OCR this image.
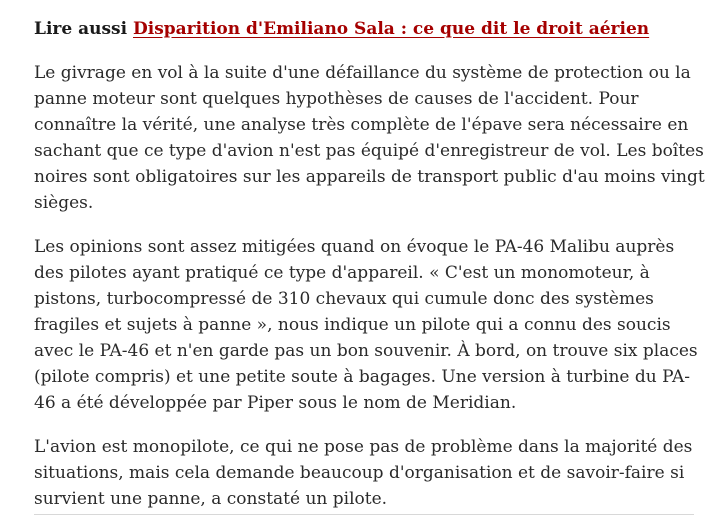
Lire aussi Disparition d'Emiliano Sala : ce que dit le droit aérien

Le givrage en vol à la suite d'une défaillance du système de protection ou la panne moteur sont quelques hypothèses de causes de l'accident. Pour connaître la vérité, une analyse très complète de l'épave sera nécessaire en sachant que ce type d'avion n'est pas équipé d'enregistreur de vol. Les boîtes noires sont obligatoires sur les appareils de transport public d'au moins vingt sièges.

Les opinions sont assez mitigées quand on évoque le PA-46 Malibu auprès des pilotes ayant pratiqué ce type d'appareil. « C'est un monomoteur, à pistons, turbocompressé de 310 chevaux qui cumule donc des systèmes fragiles et sujets à panne », nous indique un pilote qui a connu des soucis avec le PA-46 et n'en garde pas un bon souvenir. À bord, on trouve six places (pilote compris) et une petite soute à bagages. Une version à turbine du PA-46 a été développée par Piper sous le nom de Meridian.

L'avion est monopilote, ce qui ne pose pas de problème dans la majorité des situations, mais cela demande beaucoup d'organisation et de savoir-faire si survient une panne, a constaté un pilote.
